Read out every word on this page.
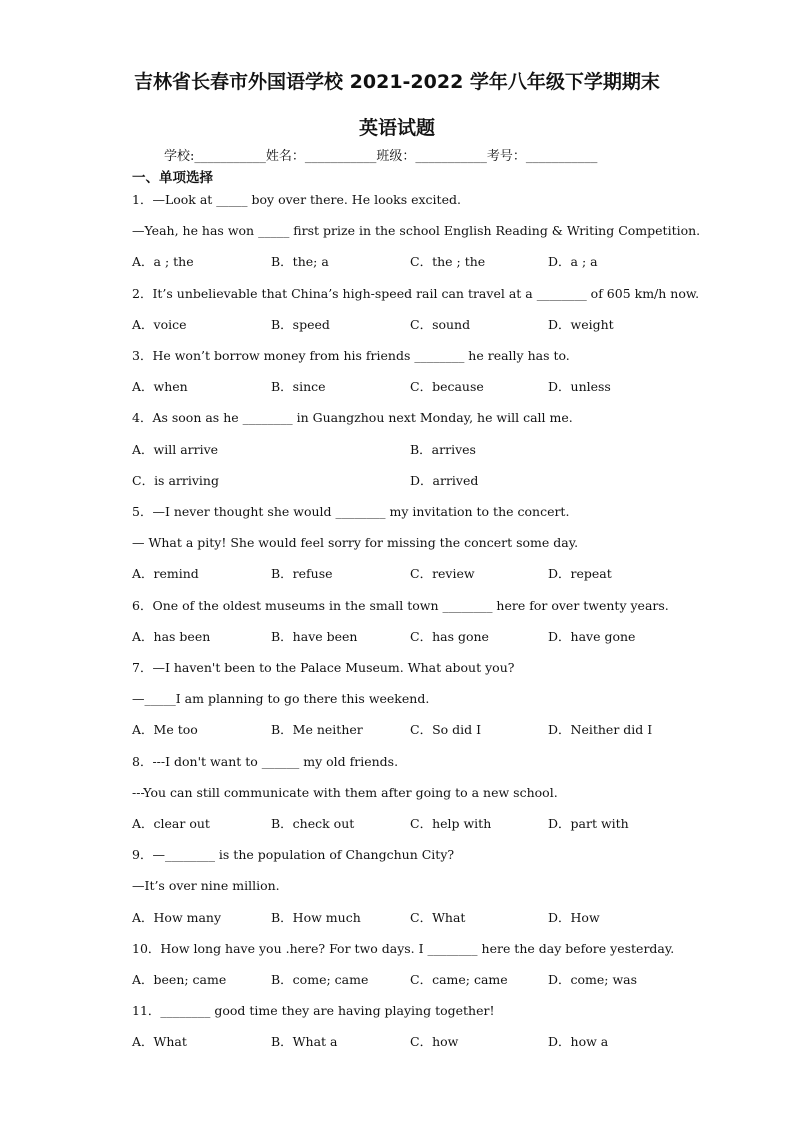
吉林省长春市外国语学校 2021-2022 学年八年级下学期期末
英语试题
学校:___________姓名：___________班级：___________考号：___________
一、单项选择

1．—Look at _____ boy over there. He looks excited.

—Yeah, he has won _____ first prize in the school English Reading & Writing Competition.

A．a ; the	B．the; a	C．the ; the	D．a ; a

2．It’s unbelievable that China’s high-speed rail can travel at a ________ of 605 km/h now.

A．voice	B．speed	C．sound	D．weight

3．He won’t borrow money from his friends ________ he really has to.

A．when	B．since	C．because	D．unless

4．As soon as he ________ in Guangzhou next Monday, he will call me.

A．will arrive	B．arrives
C．is arriving	D．arrived

5．—I never thought she would ________ my invitation to the concert.

— What a pity! She would feel sorry for missing the concert some day.

A．remind	B．refuse	C．review	D．repeat

6．One of the oldest museums in the small town ________ here for over twenty years.

A．has been	B．have been	C．has gone	D．have gone

7．—I haven't been to the Palace Museum. What about you?

—_____I am planning to go there this weekend.

A．Me too	B．Me neither	C．So did I	D．Neither did I

8．---I don't want to ______ my old friends.

---You can still communicate with them after going to a new school.

A．clear out	B．check out	C．help with	D．part with

9．—________ is the population of Changchun City?

—It’s over nine million.

A．How many	B．How much	C．What	D．How

10．How long have you .here? For two days. I ________ here the day before yesterday.

A．been; came	B．come; came	C．came; came	D．come; was

11．________ good time they are having playing together!

A．What	B．What a	C．how	D．how a
